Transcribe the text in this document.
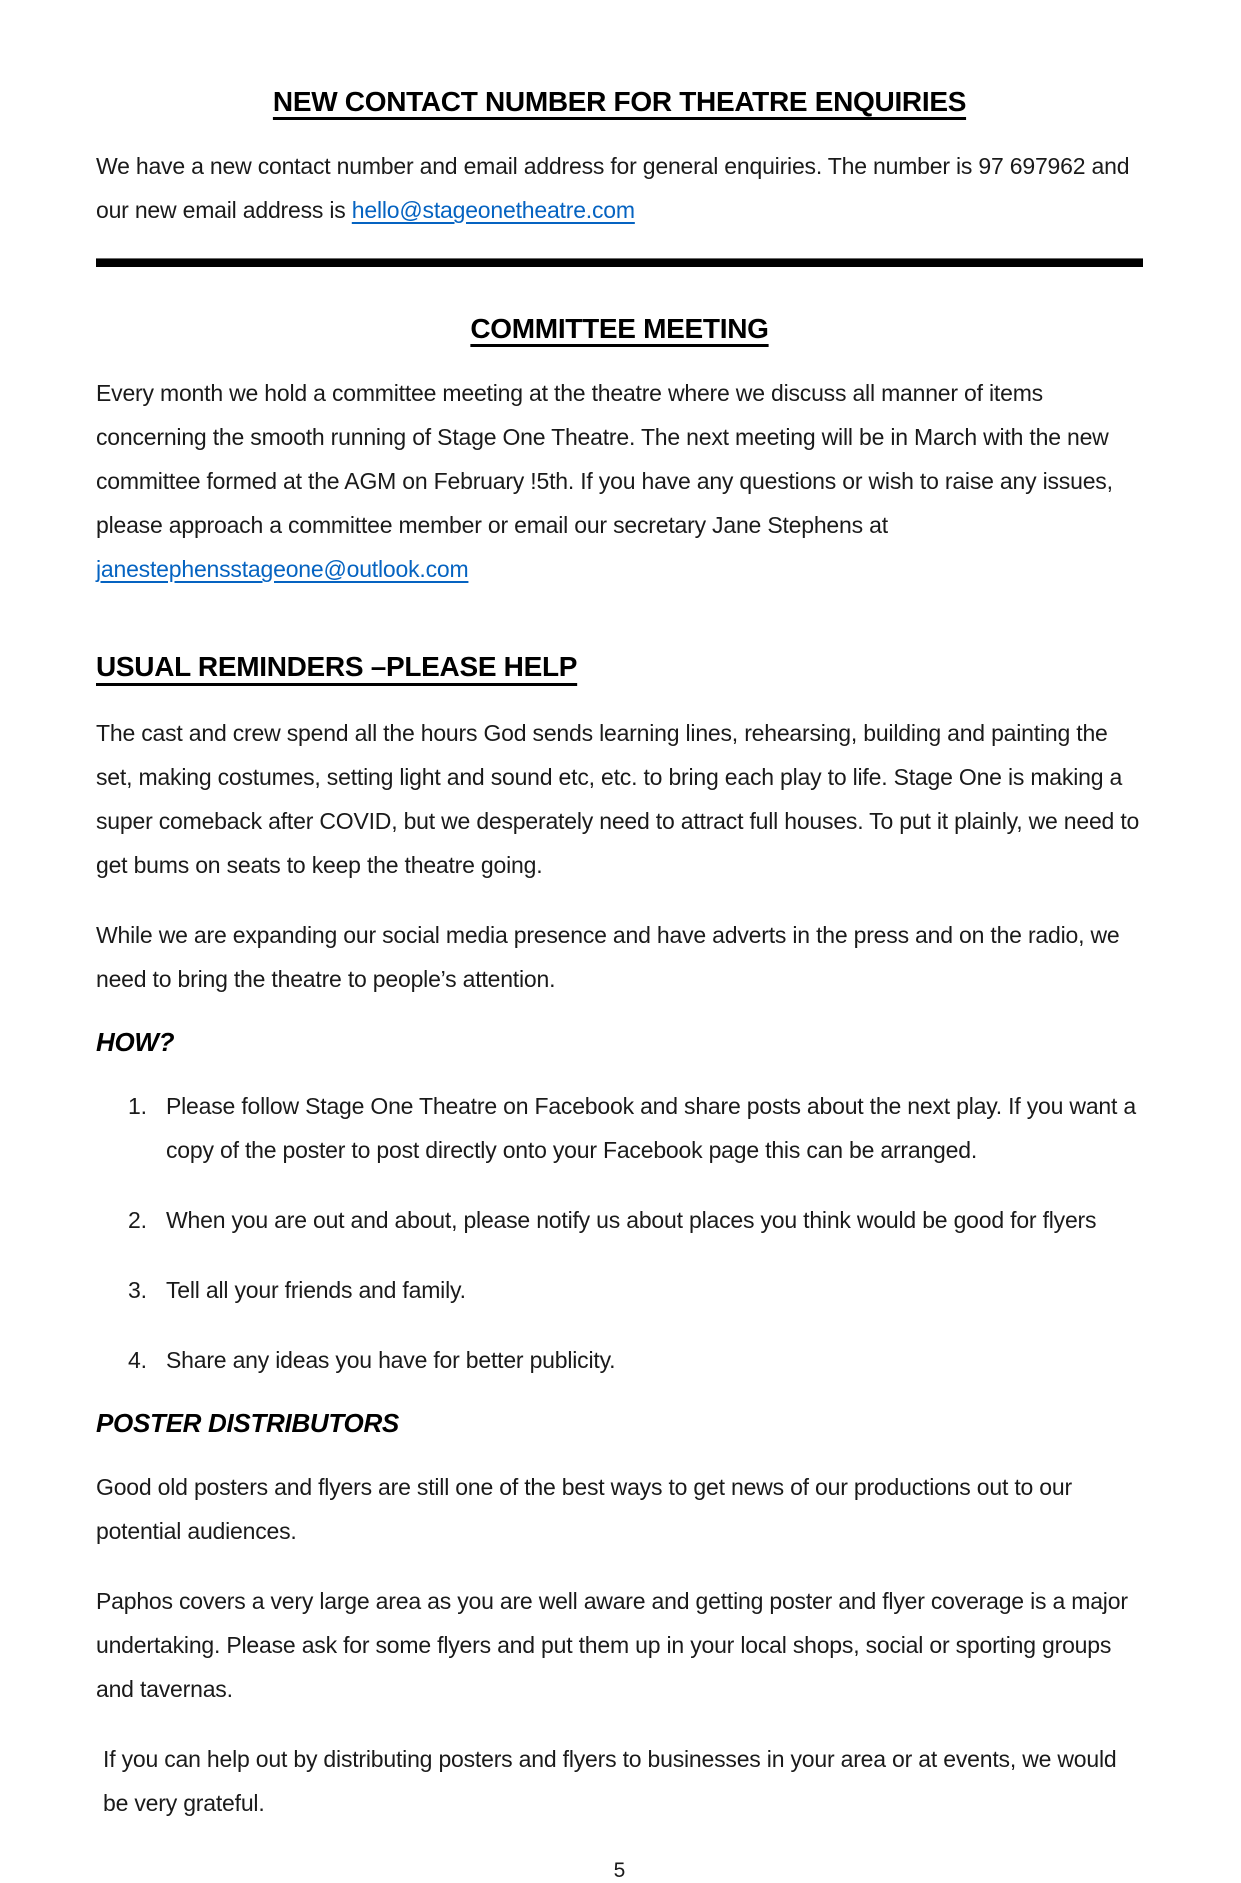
NEW CONTACT NUMBER FOR THEATRE ENQUIRIES

We have a new contact number and email address for general enquiries. The number is 97 697962 and our new email address is hello@stageonetheatre.com

COMMITTEE MEETING

Every month we hold a committee meeting at the theatre where we discuss all manner of items concerning the smooth running of Stage One Theatre. The next meeting will be in March with the new committee formed at the AGM on February !5th. If you have any questions or wish to raise any issues, please approach a committee member or email our secretary Jane Stephens at janestephensstageone@outlook.com

USUAL REMINDERS –PLEASE HELP

The cast and crew spend all the hours God sends learning lines, rehearsing, building and painting the set, making costumes, setting light and sound etc, etc. to bring each play to life. Stage One is making a super comeback after COVID, but we desperately need to attract full houses. To put it plainly, we need to get bums on seats to keep the theatre going.

While we are expanding our social media presence and have adverts in the press and on the radio, we need to bring the theatre to people’s attention.

HOW?
Please follow Stage One Theatre on Facebook and share posts about the next play. If you want a copy of the poster to post directly onto your Facebook page this can be arranged.
When you are out and about, please notify us about places you think would be good for flyers
Tell all your friends and family.
Share any ideas you have for better publicity.
POSTER DISTRIBUTORS

Good old posters and flyers are still one of the best ways to get news of our productions out to our potential audiences.

Paphos covers a very large area as you are well aware and getting poster and flyer coverage is a major undertaking. Please ask for some flyers and put them up in your local shops, social or sporting groups and tavernas.

If you can help out by distributing posters and flyers to businesses in your area or at events, we would be very grateful.

5
